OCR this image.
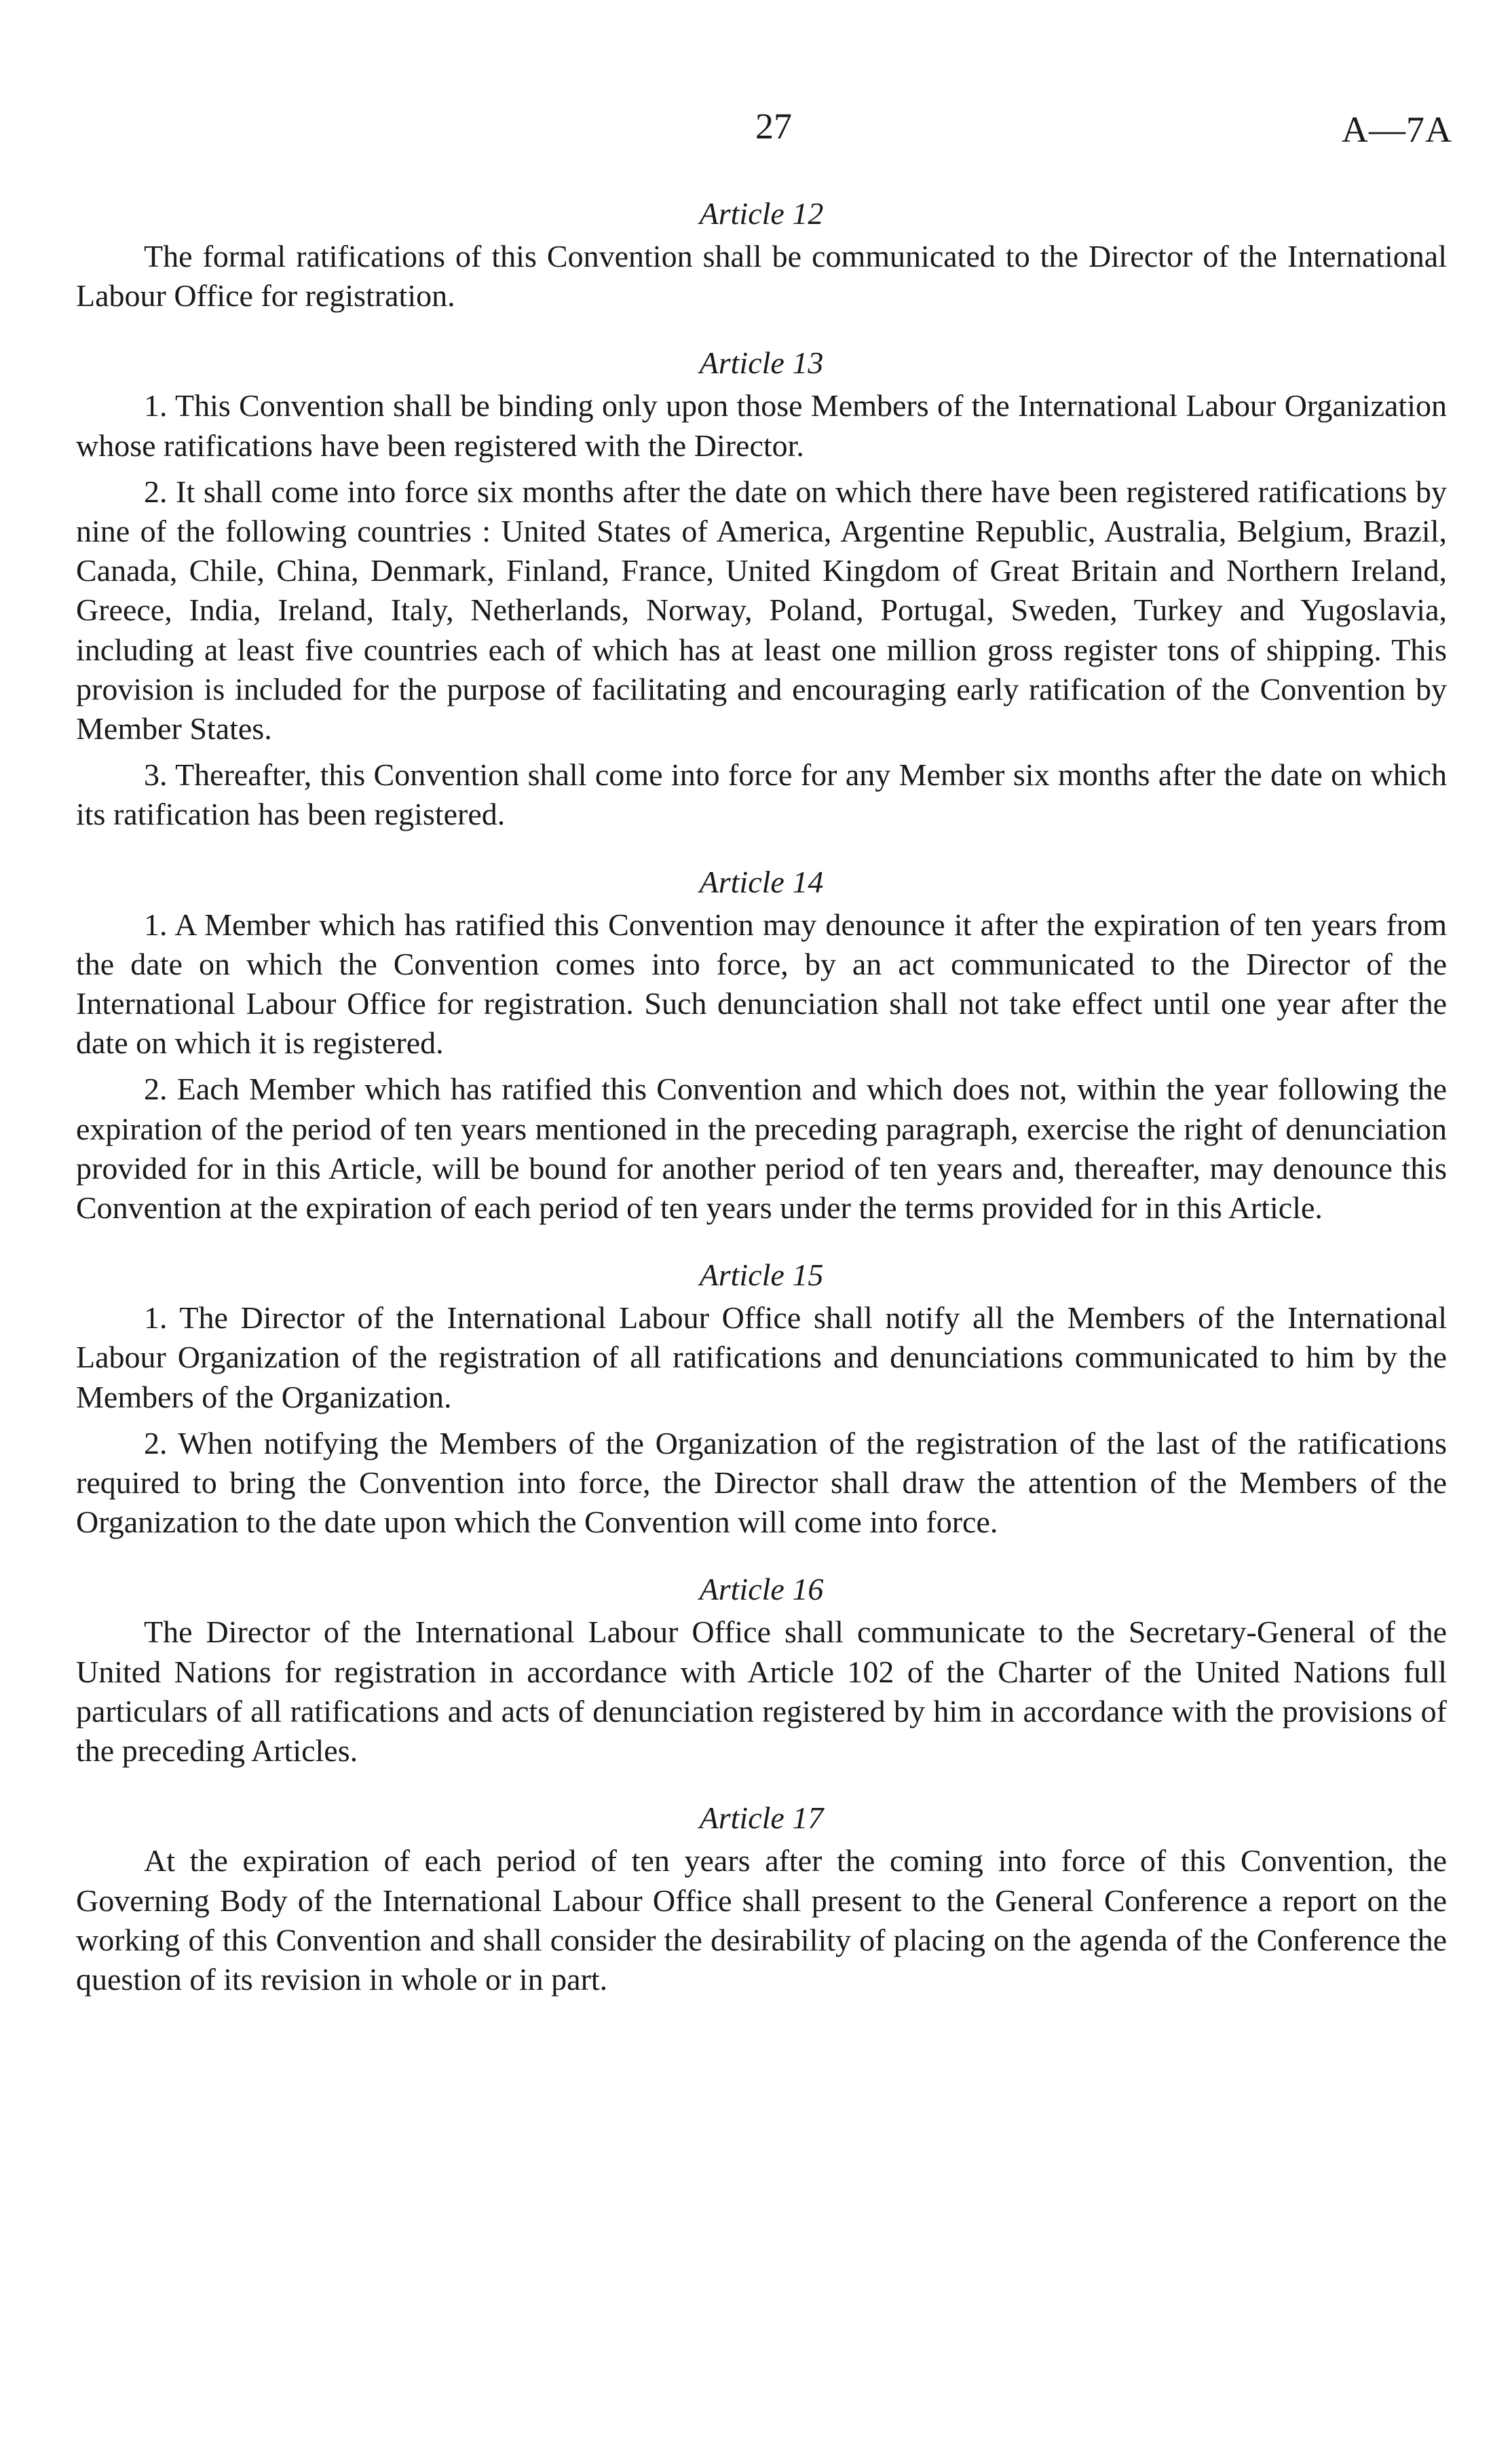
27	A—7A
Article 12

The formal ratifications of this Convention shall be communicated to the Director of the International Labour Office for registration.

Article 13

1. This Convention shall be binding only upon those Members of the International Labour Organization whose ratifications have been registered with the Director.

2. It shall come into force six months after the date on which there have been registered ratifications by nine of the following countries : United States of America, Argentine Republic, Australia, Belgium, Brazil, Canada, Chile, China, Denmark, Finland, France, United Kingdom of Great Britain and Northern Ireland, Greece, India, Ireland, Italy, Netherlands, Norway, Poland, Portugal, Sweden, Turkey and Yugoslavia, including at least five countries each of which has at least one million gross register tons of shipping. This provision is included for the purpose of facilitating and encouraging early ratification of the Convention by Member States.

3. Thereafter, this Convention shall come into force for any Member six months after the date on which its ratification has been registered.

Article 14

1. A Member which has ratified this Convention may denounce it after the expiration of ten years from the date on which the Convention comes into force, by an act communicated to the Director of the International Labour Office for registration. Such denunciation shall not take effect until one year after the date on which it is registered.

2. Each Member which has ratified this Convention and which does not, within the year following the expiration of the period of ten years mentioned in the preceding paragraph, exercise the right of denunciation provided for in this Article, will be bound for another period of ten years and, thereafter, may denounce this Convention at the expiration of each period of ten years under the terms provided for in this Article.

Article 15

1. The Director of the International Labour Office shall notify all the Members of the International Labour Organization of the registration of all ratifications and denunciations communicated to him by the Members of the Organization.

2. When notifying the Members of the Organization of the registration of the last of the ratifications required to bring the Convention into force, the Director shall draw the attention of the Members of the Organization to the date upon which the Convention will come into force.

Article 16

The Director of the International Labour Office shall communicate to the Secretary-General of the United Nations for registration in accordance with Article 102 of the Charter of the United Nations full particulars of all ratifications and acts of denunciation registered by him in accordance with the provisions of the preceding Articles.

Article 17

At the expiration of each period of ten years after the coming into force of this Convention, the Governing Body of the International Labour Office shall present to the General Conference a report on the working of this Convention and shall consider the desirability of placing on the agenda of the Conference the question of its revision in whole or in part.
